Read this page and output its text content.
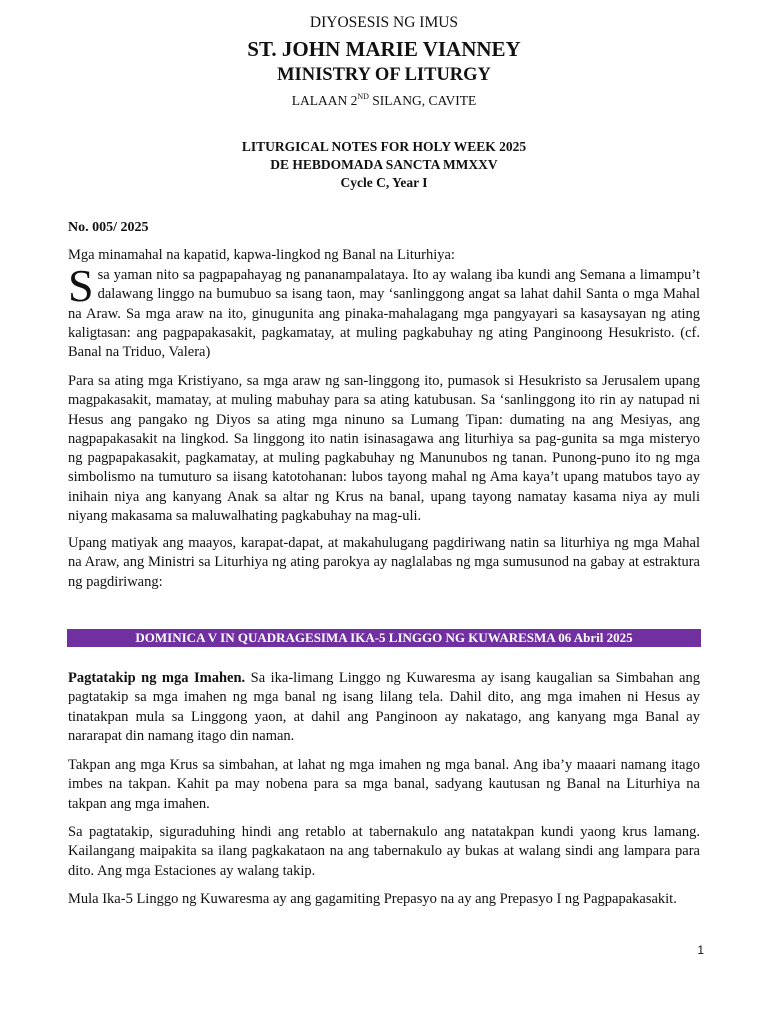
DIYOSESIS NG IMUS
ST. JOHN MARIE VIANNEY
MINISTRY OF LITURGY
LALAAN 2ND SILANG, CAVITE
LITURGICAL NOTES FOR HOLY WEEK 2025
DE HEBDOMADA SANCTA MMXXV
Cycle C, Year I
No. 005/ 2025
Mga minamahal na kapatid, kapwa-lingkod ng Banal na Liturhiya:
Ssa yaman nito sa pagpapahayag ng pananampalataya. Ito ay walang iba kundi ang Semana a limampu’t dalawang linggo na bumubuo sa isang taon, may ‘sanlinggong angat sa lahat dahil Santa o mga Mahal na Araw. Sa mga araw na ito, ginugunita ang pinaka-mahalagang mga pangyayari sa kasaysayan ng ating kaligtasan: ang pagpapakasakit, pagkamatay, at muling pagkabuhay ng ating Panginoong Hesukristo. (cf. Banal na Triduo, Valera)
Para sa ating mga Kristiyano, sa mga araw ng san-linggong ito, pumasok si Hesukristo sa Jerusalem upang magpakasakit, mamatay, at muling mabuhay para sa ating katubusan. Sa ‘sanlinggong ito rin ay natupad ni Hesus ang pangako ng Diyos sa ating mga ninuno sa Lumang Tipan: dumating na ang Mesiyas, ang nagpapakasakit na lingkod. Sa linggong ito natin isinasagawa ang liturhiya sa pag-gunita sa mga misteryo ng pagpapakasakit, pagkamatay, at muling pagkabuhay ng Manunubos ng tanan. Punong-puno ito ng mga simbolismo na tumuturo sa iisang katotohanan: lubos tayong mahal ng Ama kaya’t upang matubos tayo ay inihain niya ang kanyang Anak sa altar ng Krus na banal, upang tayong namatay kasama niya ay muli niyang makasama sa maluwalhating pagkabuhay na mag-uli.
Upang matiyak ang maayos, karapat-dapat, at makahulugang pagdiriwang natin sa liturhiya ng mga Mahal na Araw, ang Ministri sa Liturhiya ng ating parokya ay naglalabas ng mga sumusunod na gabay at estraktura ng pagdiriwang:
DOMINICA V IN QUADRAGESIMA IKA-5 LINGGO NG KUWARESMA 06 Abril 2025
Pagtatakip ng mga Imahen. Sa ika-limang Linggo ng Kuwaresma ay isang kaugalian sa Simbahan ang pagtatakip sa mga imahen ng mga banal ng isang lilang tela. Dahil dito, ang mga imahen ni Hesus ay tinatakpan mula sa Linggong yaon, at dahil ang Panginoon ay nakatago, ang kanyang mga Banal ay nararapat din namang itago din naman.
Takpan ang mga Krus sa simbahan, at lahat ng mga imahen ng mga banal. Ang iba’y maaari namang itago imbes na takpan. Kahit pa may nobena para sa mga banal, sadyang kautusan ng Banal na Liturhiya na takpan ang mga imahen.
Sa pagtatakip, siguraduhing hindi ang retablo at tabernakulo ang natatakpan kundi yaong krus lamang. Kailangang maipakita sa ilang pagkakataon na ang tabernakulo ay bukas at walang sindi ang lampara para dito. Ang mga Estaciones ay walang takip.
Mula Ika-5 Linggo ng Kuwaresma ay ang gagamiting Prepasyo na ay ang Prepasyo I ng Pagpapakasakit.
1
